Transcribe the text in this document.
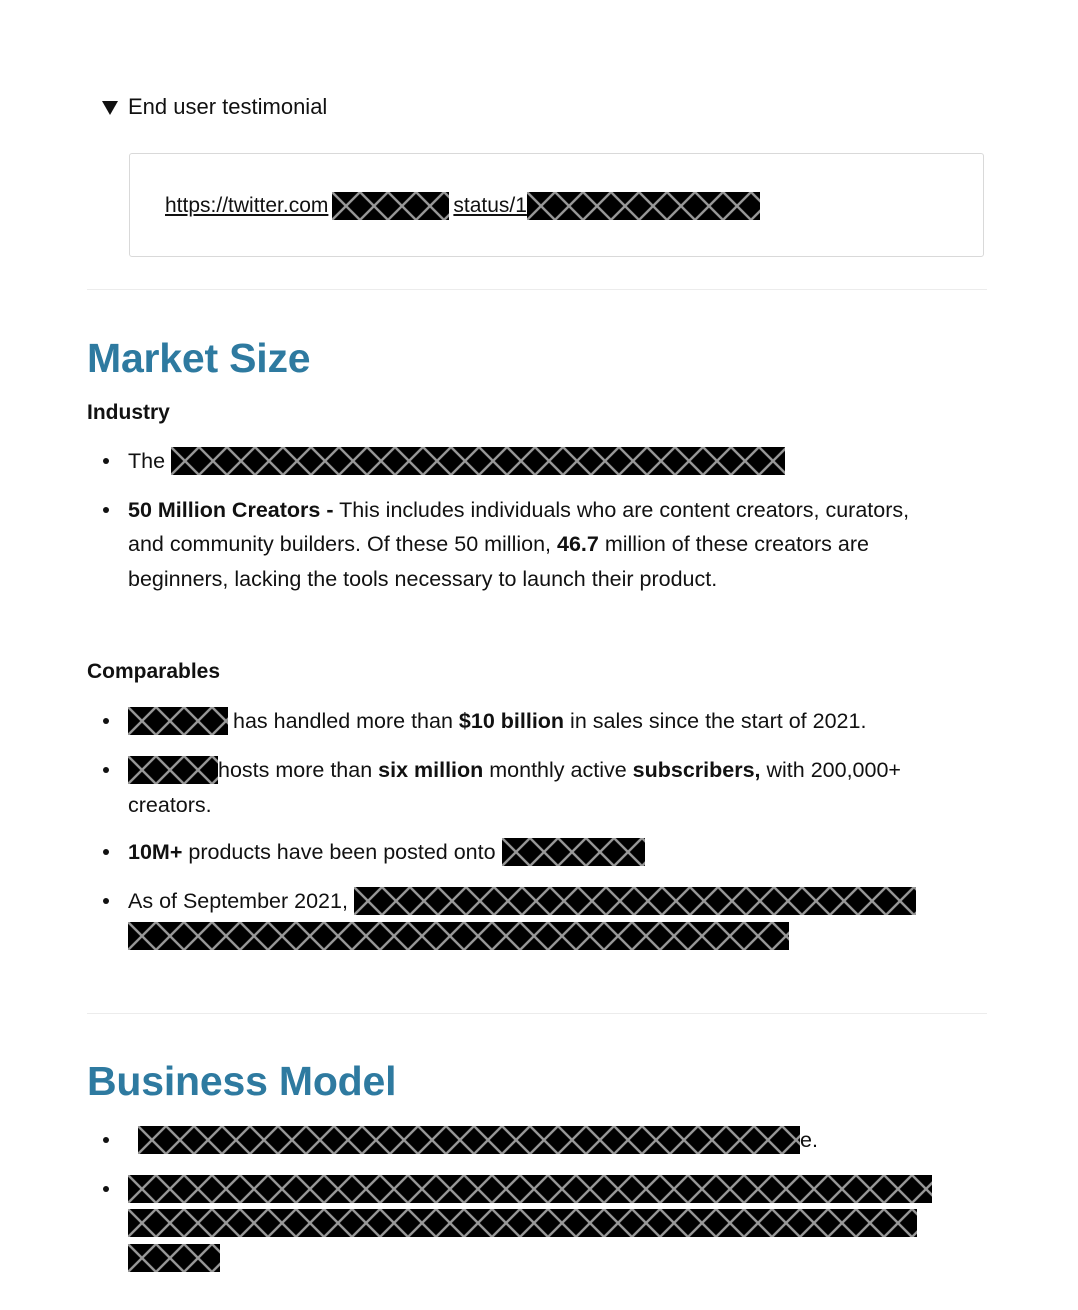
End user testimonial
https://twitter.com	status/1
Market Size
Industry
The
50 Million Creators - This includes individuals who are content creators, curators,
and community builders. Of these 50 million, 46.7 million of these creators are
beginners, lacking the tools necessary to launch their product.
Comparables
has handled more than $10 billion in sales since the start of 2021.
hosts more than six million monthly active subscribers, with 200,000+
creators.
10M+ products have been posted onto
As of September 2021,
Business Model
e.
